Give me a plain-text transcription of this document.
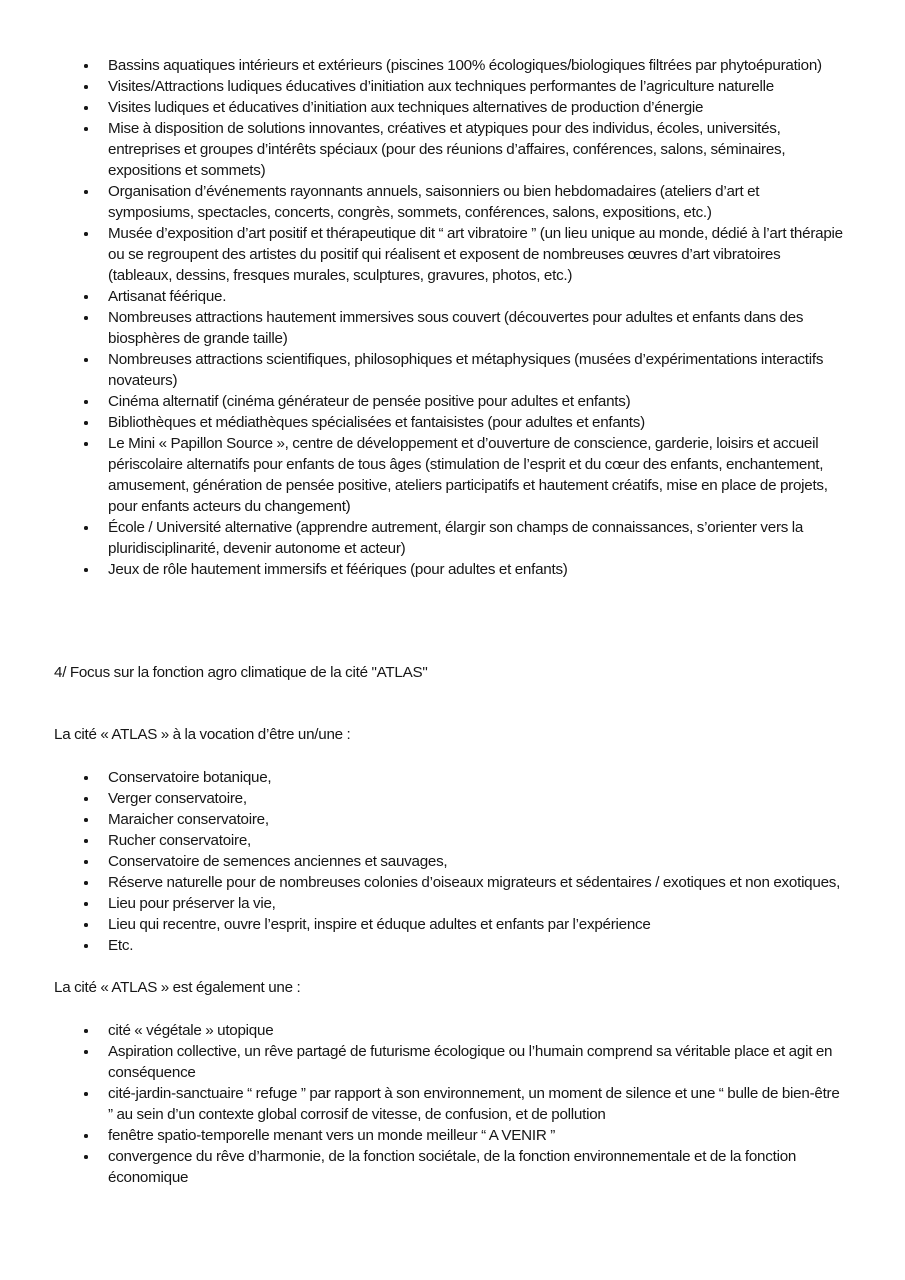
Bassins aquatiques intérieurs et extérieurs (piscines 100% écologiques/biologiques filtrées par phytoépuration)
Visites/Attractions ludiques éducatives d’initiation aux techniques performantes de l’agriculture naturelle
Visites ludiques et éducatives d’initiation aux techniques alternatives de production d’énergie
Mise à disposition de solutions innovantes, créatives et atypiques pour des individus, écoles, universités, entreprises et groupes d’intérêts spéciaux (pour des réunions d’affaires, conférences, salons, séminaires, expositions et sommets)
Organisation d’événements rayonnants annuels, saisonniers ou bien hebdomadaires (ateliers d’art et symposiums, spectacles, concerts, congrès, sommets, conférences, salons, expositions, etc.)
Musée d’exposition d’art positif et thérapeutique dit “ art vibratoire ” (un lieu unique au monde, dédié à l’art thérapie ou se regroupent des artistes du positif qui réalisent et exposent de nombreuses œuvres d’art vibratoires (tableaux, dessins, fresques murales, sculptures, gravures, photos, etc.)
Artisanat féérique.
Nombreuses attractions hautement immersives sous couvert (découvertes pour adultes et enfants dans des biosphères de grande taille)
Nombreuses attractions scientifiques, philosophiques et métaphysiques (musées d’expérimentations interactifs novateurs)
Cinéma alternatif (cinéma générateur de pensée positive pour adultes et enfants)
Bibliothèques et médiathèques spécialisées et fantaisistes (pour adultes et enfants)
Le Mini « Papillon Source », centre de développement et d’ouverture de conscience, garderie, loisirs et accueil périscolaire alternatifs pour enfants de tous âges (stimulation de l’esprit et du cœur des enfants, enchantement, amusement, génération de pensée positive, ateliers participatifs et hautement créatifs, mise en place de projets, pour enfants acteurs du changement)
École / Université alternative (apprendre autrement, élargir son champs de connaissances, s’orienter vers la pluridisciplinarité, devenir autonome et acteur)
Jeux de rôle hautement immersifs et féériques (pour adultes et enfants)

4/ Focus sur la fonction agro climatique de la cité "ATLAS"

La cité « ATLAS » à la vocation d’être un/une :

Conservatoire botanique,
Verger conservatoire,
Maraicher conservatoire,
Rucher conservatoire,
Conservatoire de semences anciennes et sauvages,
Réserve naturelle pour de nombreuses colonies d’oiseaux migrateurs et sédentaires / exotiques et non exotiques,
Lieu pour préserver la vie,
Lieu qui recentre, ouvre l’esprit, inspire et éduque adultes et enfants par l’expérience
Etc.

La cité « ATLAS » est également une :

cité « végétale » utopique
Aspiration collective, un rêve partagé de futurisme écologique ou l’humain comprend sa véritable place et agit en conséquence
cité-jardin-sanctuaire “ refuge ” par rapport à son environnement, un moment de silence et une “ bulle de bien-être ” au sein d’un contexte global corrosif de vitesse, de confusion, et de pollution
fenêtre spatio-temporelle menant vers un monde meilleur “ A VENIR ”
convergence du rêve d’harmonie, de la fonction sociétale, de la fonction environnementale et de la fonction économique
